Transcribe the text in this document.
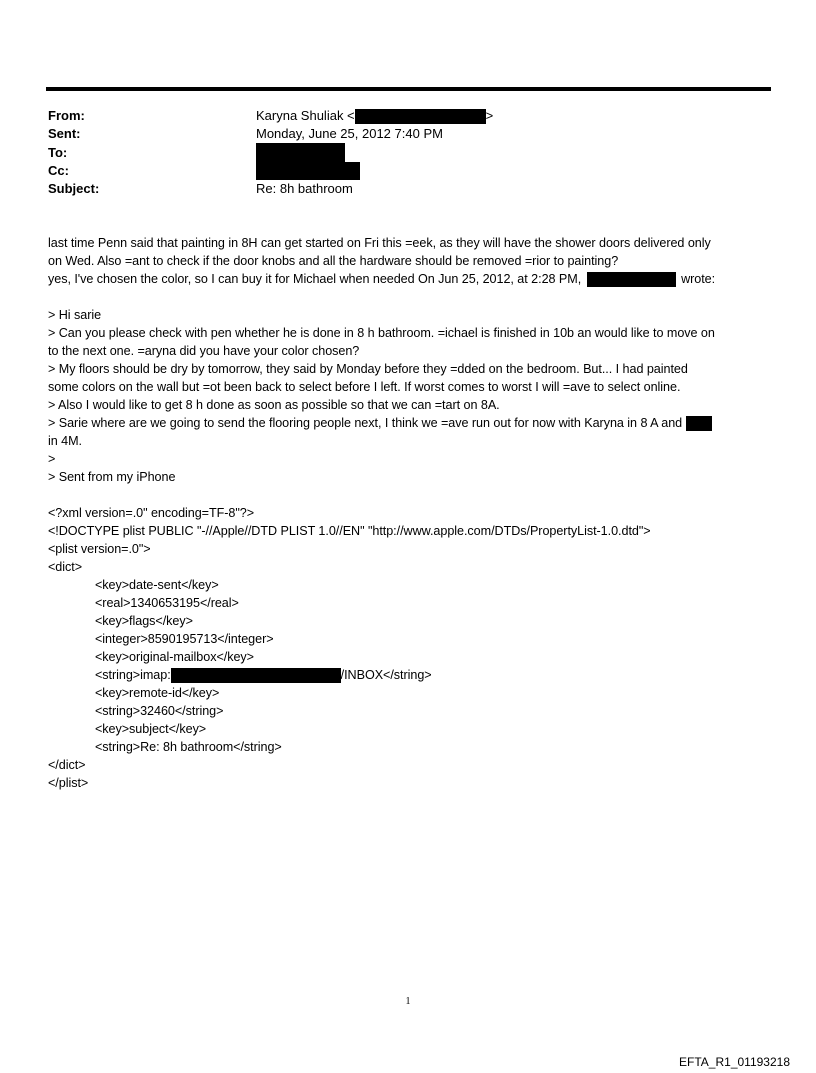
From:	Karyna Shuliak <	>
Sent:	Monday, June 25, 2012 7:40 PM
To:
Cc:
Subject:	Re: 8h bathroom
last time Penn said that painting in 8H can get started on Fri this =eek, as they will have the shower doors delivered only
on Wed. Also =ant to check if the door knobs and all the hardware should be removed =rior to painting?
yes, I've chosen the color, so I can buy it for Michael when needed On Jun 25, 2012, at 2:28 PM,	wrote:
> Hi sarie
> Can you please check with pen whether he is done in 8 h bathroom. =ichael is finished in 10b an would like to move on
to the next one. =aryna did you have your color chosen?
> My floors should be dry by tomorrow, they said by Monday before they =dded on the bedroom. But... I had painted
some colors on the wall but =ot been back to select before I left. If worst comes to worst I will =ave to select online.
> Also I would like to get 8 h done as soon as possible so that we can =tart on 8A.
> Sarie where are we going to send the flooring people next, I think we =ave run out for now with Karyna in 8 A and
in 4M.
>
> Sent from my iPhone
<?xml version=.0" encoding=TF-8"?>
<!DOCTYPE plist PUBLIC "-//Apple//DTD PLIST 1.0//EN" "http://www.apple.com/DTDs/PropertyList-1.0.dtd">
<plist version=.0">
<dict>
<key>date-sent</key>
<real>1340653195</real>
<key>flags</key>
<integer>8590195713</integer>
<key>original-mailbox</key>
<string>imap:	/INBOX</string>
<key>remote-id</key>
<string>32460</string>
<key>subject</key>
<string>Re: 8h bathroom</string>
</dict>
</plist>
1
EFTA_R1_01193218
